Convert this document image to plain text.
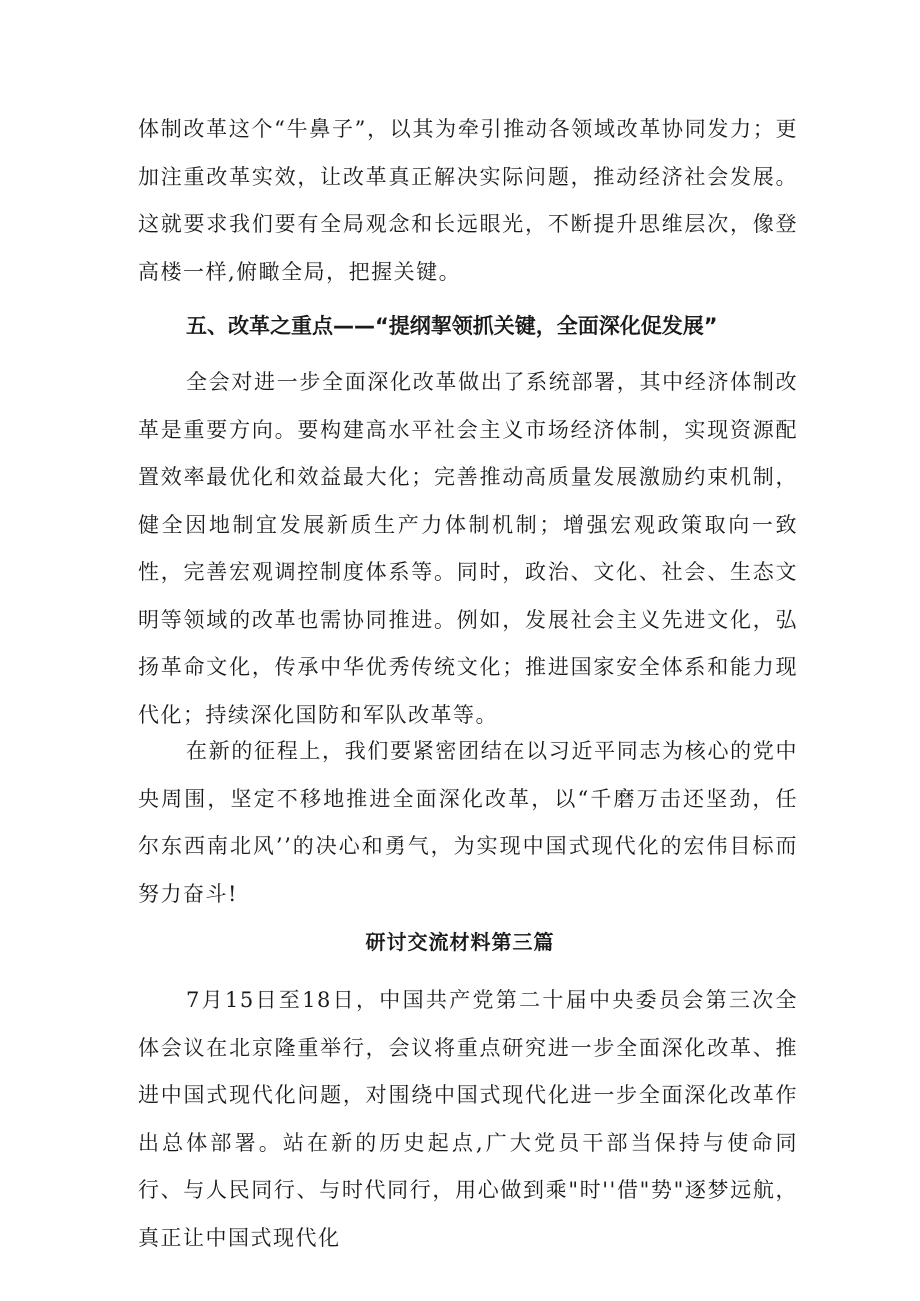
体制改革这个“牛鼻子”，以其为牵引推动各领域改革协同发力；更加注重改革实效，让改革真正解决实际问题，推动经济社会发展。这就要求我们要有全局观念和长远眼光，不断提升思维层次，像登高楼一样,俯瞰全局，把握关键。

五、改革之重点——“提纲挈领抓关键，全面深化促发展”

全会对进一步全面深化改革做出了系统部署，其中经济体制改革是重要方向。要构建高水平社会主义市场经济体制，实现资源配置效率最优化和效益最大化；完善推动高质量发展激励约束机制，健全因地制宜发展新质生产力体制机制；增强宏观政策取向一致性，完善宏观调控制度体系等。同时，政治、文化、社会、生态文明等领域的改革也需协同推进。例如，发展社会主义先进文化，弘扬革命文化，传承中华优秀传统文化；推进国家安全体系和能力现代化；持续深化国防和军队改革等。

在新的征程上，我们要紧密团结在以习近平同志为核心的党中央周围，坚定不移地推进全面深化改革，以“千磨万击还坚劲，任尔东西南北风’’的决心和勇气，为实现中国式现代化的宏伟目标而努力奋斗!

研讨交流材料第三篇

7月15日至18日，中国共产党第二十届中央委员会第三次全体会议在北京隆重举行，会议将重点研究进一步全面深化改革、推进中国式现代化问题，对围绕中国式现代化进一步全面深化改革作出总体部署。站在新的历史起点,广大党员干部当保持与使命同行、与人民同行、与时代同行，用心做到乘"时''借"势"逐梦远航，真正让中国式现代化
